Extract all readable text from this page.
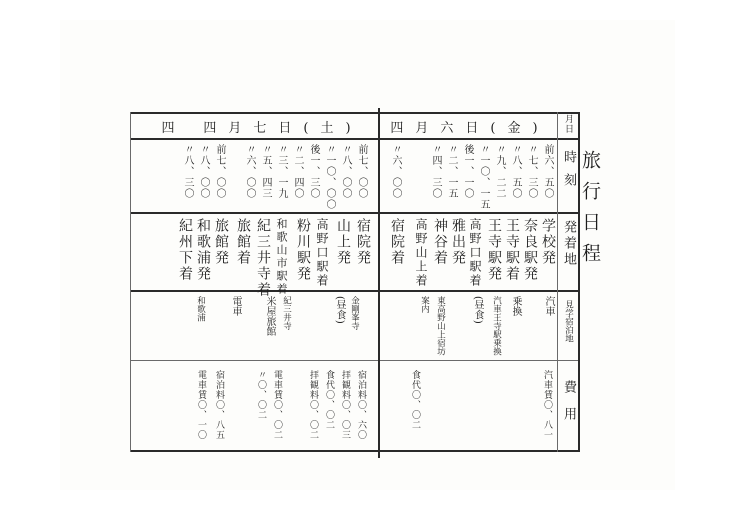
旅行日程
月日
時刻
発着地
見学宿泊地
費用
四月六日(金)
四月七日(土)
四
前六、五〇
〃七、三〇
〃八、五〇
〃九、二二
〃一〇、一五
後一、一〇
〃二、一五
〃四、三〇
〃六、〇〇
前七、〇〇
〃八、〇〇
〃一〇、〇〇
後一、三〇
〃二、四〇
〃三、一九
〃五、四三
〃六、〇〇
前七、〇〇
〃八、〇〇
〃八、三〇
学校発
奈良駅発
王寺駅着
王寺駅発
高野口駅着
雅出発
神谷着
高野山上着
宿院着
宿院発
山上発
高野口駅着
粉川駅発
和歌山市駅着
紀三井寺着
旅館着
旅館発
和歌浦発
紀州下着
汽車
乗換
汽車王寺駅乗換
(昼食)
東高野山上宿坊
案内
金剛峯寺
(昼食)
紀三井寺
電車 米屋旅館
和歌浦
汽車賃〇、八一
食代〇、〇二
宿泊料〇、六〇
拝観料〇、〇三
食代〇、〇二
拝観料〇、〇二
電車賃〇、〇二
〃〇、〇二
宿泊料〇、八五
電車賃〇、一〇
